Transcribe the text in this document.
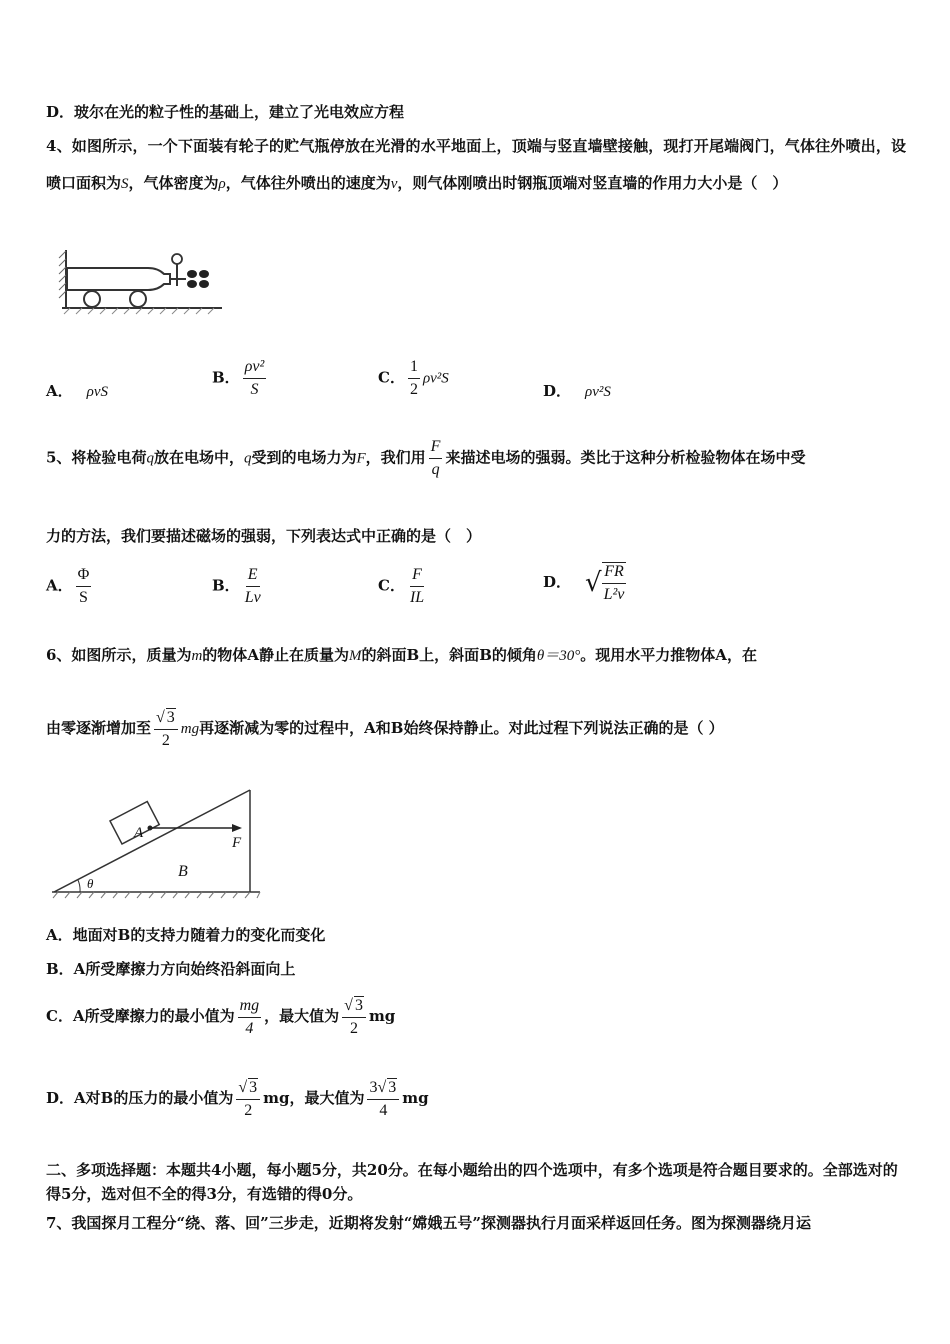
D．玻尔在光的粒子性的基础上，建立了光电效应方程
4、如图所示，一个下面装有轮子的贮气瓶停放在光滑的水平地面上，顶端与竖直墙壁接触，现打开尾端阀门，气体往外喷出，设喷口面积为S，气体密度为ρ，气体往外喷出的速度为v，则气体刚喷出时钢瓶顶端对竖直墙的作用力大小是（　）
A． ρvS
B． $\frac{\text{ρv²}}{S}$	C． $\frac{1}{2} \rho v^2S$
D． ρv²S
5、将检验电荷q放在电场中，q受到的电场力为F，我们用 $\frac{F}{q}$ 来描述电场的强弱。类比于这种分析检验物体在场中受
力的方法，我们要描述磁场的强弱，下列表达式中正确的是（　）
A． $\frac{\Phi}{S}$	B． $\frac{E}{Lv}$	C． $\frac{F}{IL}$	D． √ $\frac{FR}{\text{L²v}}$
6、如图所示，质量为m的物体A静止在质量为M的斜面B上，斜面B的倾角θ＝30°。现用水平力推物体A，在
由零逐渐增加至 $\frac{√ 3}{2}$ mg再逐渐减为零的过程中，A和B始终保持静止。对此过程下列说法正确的是（ ）
θ
A
F
B
A．地面对B的支持力随着力的变化而变化
B．A所受摩擦力方向始终沿斜面向上
C．A所受摩擦力的最小值为 $\frac{mg}{4}$ ，最大值为 $\frac{√ 3}{2}$ mg
D．A对B的压力的最小值为 $\frac{√ 3}{2}$ mg，最大值为 $\frac{3√ 3}{4}$ mg
二、多项选择题：本题共4小题，每小题5分，共20分。在每小题给出的四个选项中，有多个选项是符合题目要求的。全部选对的得5分，选对但不全的得3分，有选错的得0分。
7、我国探月工程分“绕、落、回”三步走，近期将发射“嫦娥五号”探测器执行月面采样返回任务。图为探测器绕月运
